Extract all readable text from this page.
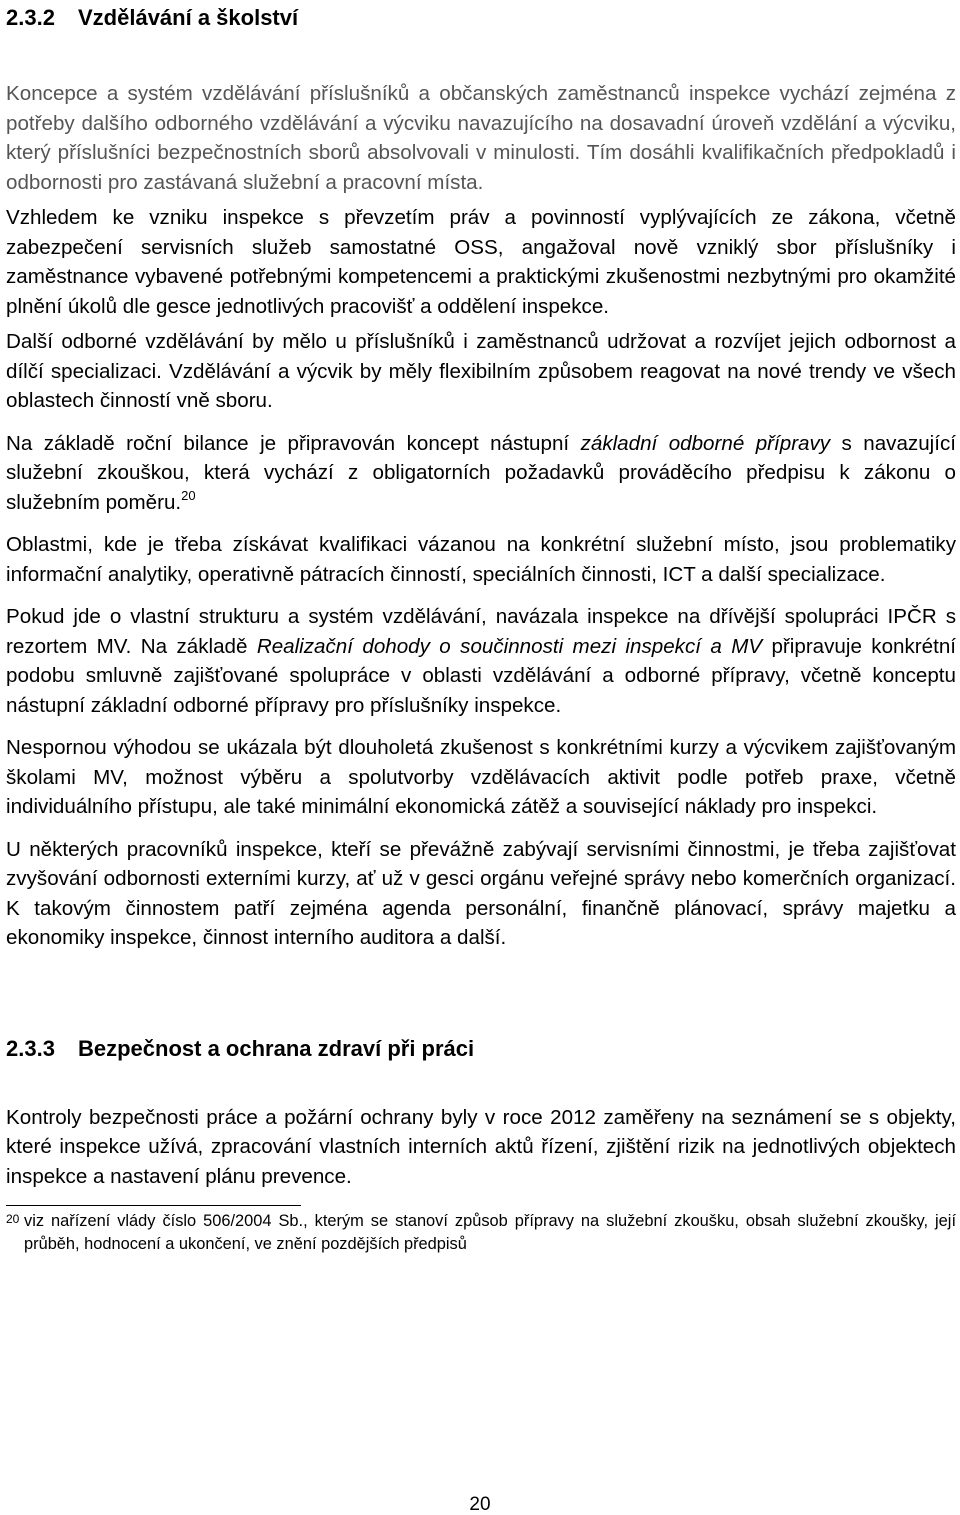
2.3.2 Vzdělávání a školství

Koncepce a systém vzdělávání příslušníků a občanských zaměstnanců inspekce vychází zejména z potřeby dalšího odborného vzdělávání a výcviku navazujícího na dosavadní úroveň vzdělání a výcviku, který příslušníci bezpečnostních sborů absolvovali v minulosti. Tím dosáhli kvalifikačních předpokladů i odbornosti pro zastávaná služební a pracovní místa.

Vzhledem ke vzniku inspekce s převzetím práv a povinností vyplývajících ze zákona, včetně zabezpečení servisních služeb samostatné OSS, angažoval nově vzniklý sbor příslušníky i zaměstnance vybavené potřebnými kompetencemi a praktickými zkušenostmi nezbytnými pro okamžité plnění úkolů dle gesce jednotlivých pracovišť a oddělení inspekce.

Další odborné vzdělávání by mělo u příslušníků i zaměstnanců udržovat a rozvíjet jejich odbornost a dílčí specializaci. Vzdělávání a výcvik by měly flexibilním způsobem reagovat na nové trendy ve všech oblastech činností vně sboru.

Na základě roční bilance je připravován koncept nástupní základní odborné přípravy s navazující služební zkouškou, která vychází z obligatorních požadavků prováděcího předpisu k zákonu o služebním poměru.$^{20}$

Oblastmi, kde je třeba získávat kvalifikaci vázanou na konkrétní služební místo, jsou problematiky informační analytiky, operativně pátracích činností, speciálních činnosti, ICT a další specializace.

Pokud jde o vlastní strukturu a systém vzdělávání, navázala inspekce na dřívější spolupráci IPČR s rezortem MV. Na základě Realizační dohody o součinnosti mezi inspekcí a MV připravuje konkrétní podobu smluvně zajišťované spolupráce v oblasti vzdělávání a odborné přípravy, včetně konceptu nástupní základní odborné přípravy pro příslušníky inspekce.

Nespornou výhodou se ukázala být dlouholetá zkušenost s konkrétními kurzy a výcvikem zajišťovaným školami MV, možnost výběru a spolutvorby vzdělávacích aktivit podle potřeb praxe, včetně individuálního přístupu, ale také minimální ekonomická zátěž a související náklady pro inspekci.

U některých pracovníků inspekce, kteří se převážně zabývají servisními činnostmi, je třeba zajišťovat zvyšování odbornosti externími kurzy, ať už v gesci orgánu veřejné správy nebo komerčních organizací. K takovým činnostem patří zejména agenda personální, finančně plánovací, správy majetku a ekonomiky inspekce, činnost interního auditora a další.

2.3.3 Bezpečnost a ochrana zdraví při práci

Kontroly bezpečnosti práce a požární ochrany byly v roce 2012 zaměřeny na seznámení se s objekty, které inspekce užívá, zpracování vlastních interních aktů řízení, zjištění rizik na jednotlivých objektech inspekce a nastavení plánu prevence.

20 viz nařízení vlády číslo 506/2004 Sb., kterým se stanoví způsob přípravy na služební zkoušku, obsah služební zkoušky, její průběh, hodnocení a ukončení, ve znění pozdějších předpisů
20
